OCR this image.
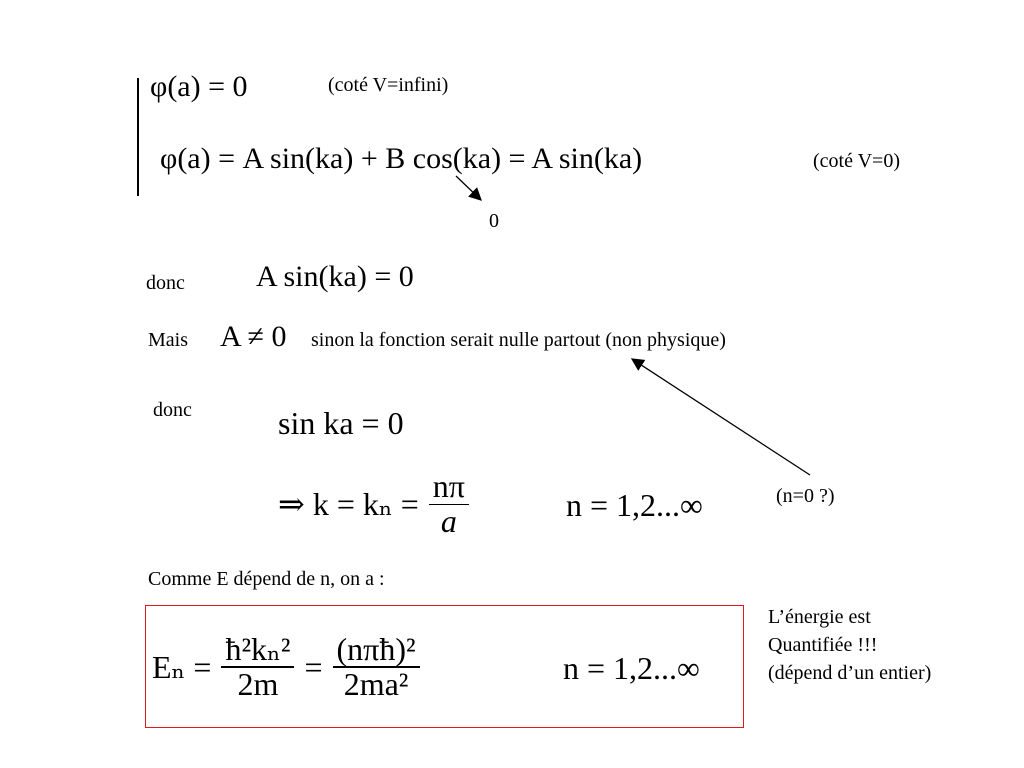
φ(a) = 0	(coté V=infini)
φ(a) = A sin(ka) + B cos(ka) = A sin(ka)	(coté V=0)
0
donc A sin(ka) = 0
Mais A ≠ 0 sinon la fonction serait nulle partout (non physique)
donc	sin ka = 0
⇒ $k = k_n = \frac{n\pi}{a}$	n = 1,2...∞	(n=0 ?)
Comme E dépend de n, on a :
$E_n = \frac{\text{ħ²kₙ²}}{2m} = \frac{\text{(nπħ)²}}{\text{2ma²}}$	n = 1,2...∞
L’énergie est
Quantifiée !!!
(dépend d’un entier)
